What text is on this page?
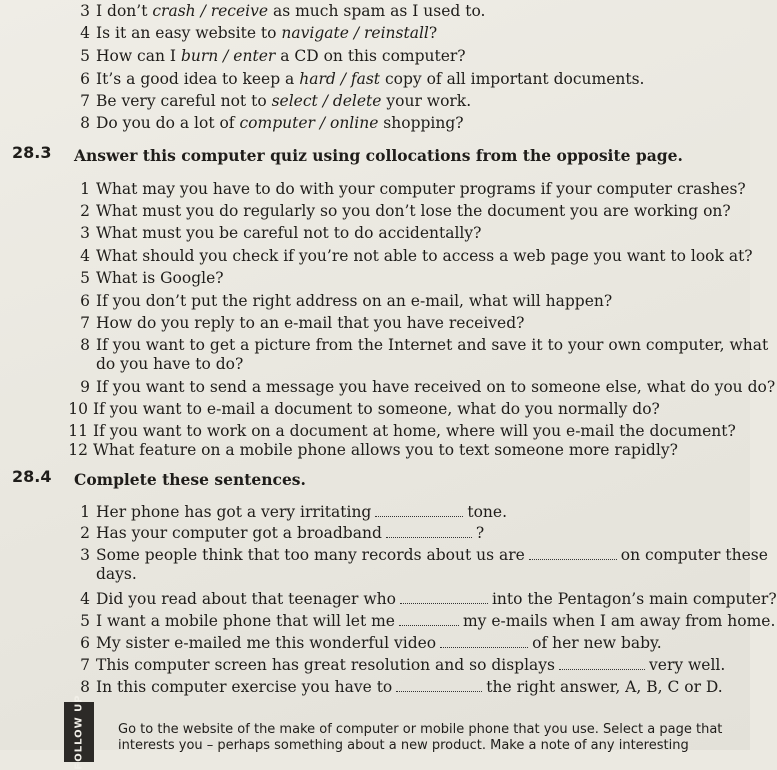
3 I don’t crash / receive as much spam as I used to.
4 Is it an easy website to navigate / reinstall?
5 How can I burn / enter a CD on this computer?
6 It’s a good idea to keep a hard / fast copy of all important documents.
7 Be very careful not to select / delete your work.
8 Do you do a lot of computer / online shopping?
28.3 Answer this computer quiz using collocations from the opposite page.
1 What may you have to do with your computer programs if your computer crashes?
2 What must you do regularly so you don’t lose the document you are working on?
3 What must you be careful not to do accidentally?
4 What should you check if you’re not able to access a web page you want to look at?
5 What is Google?
6 If you don’t put the right address on an e-mail, what will happen?
7 How do you reply to an e-mail that you have received?
8 If you want to get a picture from the Internet and save it to your own computer, what
do you have to do?
9 If you want to send a message you have received on to someone else, what do you do?
10 If you want to e-mail a document to someone, what do you normally do?
11 If you want to work on a document at home, where will you e-mail the document?
12 What feature on a mobile phone allows you to text someone more rapidly?
28.4 Complete these sentences.
1 Her phone has got a very irritating	tone.
2 Has your computer got a broadband	?
3 Some people think that too many records about us are	on computer these
days.
4 Did you read about that teenager who	into the Pentagon’s main computer?
5 I want a mobile phone that will let me	my e-mails when I am away from home.
6 My sister e-mailed me this wonderful video	of her new baby.
7 This computer screen has great resolution and so displays	very well.
8 In this computer exercise you have to	the right answer, A, B, C or D.
FOLLOW UP	Go to the website of the make of computer or mobile phone that you use. Select a page that
interests you – perhaps something about a new product. Make a note of any interesting
